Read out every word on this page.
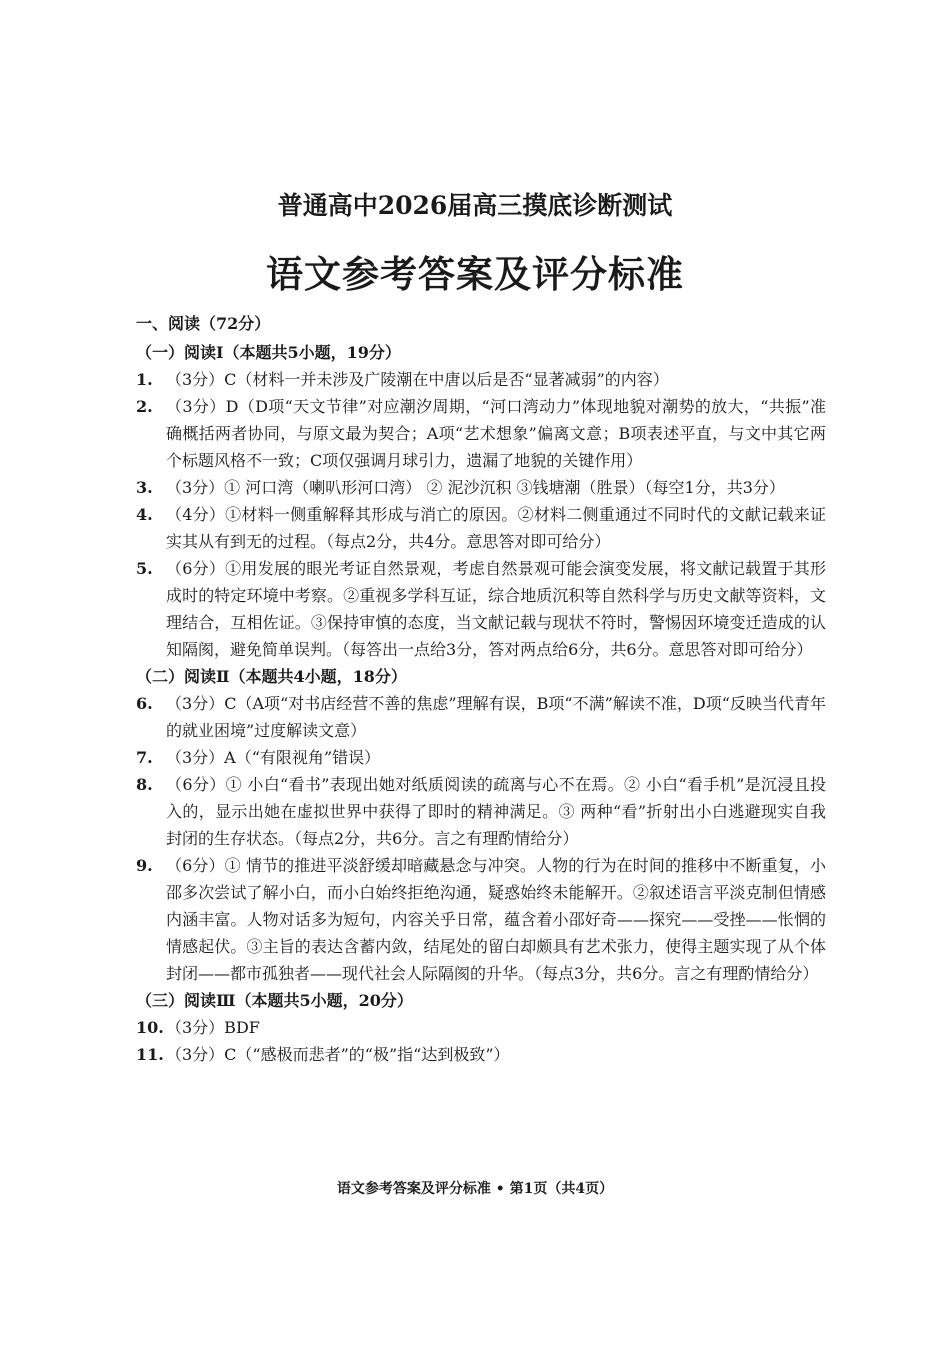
普通高中2026届高三摸底诊断测试
语文参考答案及评分标准
一、阅读（72分）
（一）阅读Ⅰ（本题共5小题，19分）
1. （3分）C（材料一并未涉及广陵潮在中唐以后是否“显著减弱”的内容）
2. （3分）D（D项“天文节律”对应潮汐周期，“河口湾动力”体现地貌对潮势的放大，“共振”准确概括两者协同，与原文最为契合；A项“艺术想象”偏离文意；B项表述平直，与文中其它两个标题风格不一致；C项仅强调月球引力，遗漏了地貌的关键作用）
3. （3分）① 河口湾（喇叭形河口湾） ② 泥沙沉积 ③钱塘潮（胜景）（每空1分，共3分）
4. （4分）①材料一侧重解释其形成与消亡的原因。②材料二侧重通过不同时代的文献记载来证实其从有到无的过程。（每点2分，共4分。意思答对即可给分）
5. （6分）①用发展的眼光考证自然景观，考虑自然景观可能会演变发展，将文献记载置于其形成时的特定环境中考察。②重视多学科互证，综合地质沉积等自然科学与历史文献等资料，文理结合，互相佐证。③保持审慎的态度，当文献记载与现状不符时，警惕因环境变迁造成的认知隔阂，避免简单误判。（每答出一点给3分，答对两点给6分，共6分。意思答对即可给分）
（二）阅读Ⅱ（本题共4小题，18分）
6. （3分）C（A项“对书店经营不善的焦虑”理解有误，B项“不满”解读不准，D项“反映当代青年的就业困境”过度解读文意）
7. （3分）A（“有限视角”错误）
8. （6分）① 小白“看书”表现出她对纸质阅读的疏离与心不在焉。② 小白“看手机”是沉浸且投入的，显示出她在虚拟世界中获得了即时的精神满足。③ 两种“看”折射出小白逃避现实自我封闭的生存状态。（每点2分，共6分。言之有理酌情给分）
9. （6分）① 情节的推进平淡舒缓却暗藏悬念与冲突。人物的行为在时间的推移中不断重复，小邵多次尝试了解小白，而小白始终拒绝沟通，疑惑始终未能解开。②叙述语言平淡克制但情感内涵丰富。人物对话多为短句，内容关乎日常，蕴含着小邵好奇——探究——受挫——怅惘的情感起伏。③主旨的表达含蓄内敛，结尾处的留白却颇具有艺术张力，使得主题实现了从个体封闭——都市孤独者——现代社会人际隔阂的升华。（每点3分，共6分。言之有理酌情给分）
（三）阅读Ⅲ（本题共5小题，20分）
10. （3分）BDF
11. （3分）C（“感极而悲者”的“极”指“达到极致”）
语文参考答案及评分标准 • 第1页（共4页）
